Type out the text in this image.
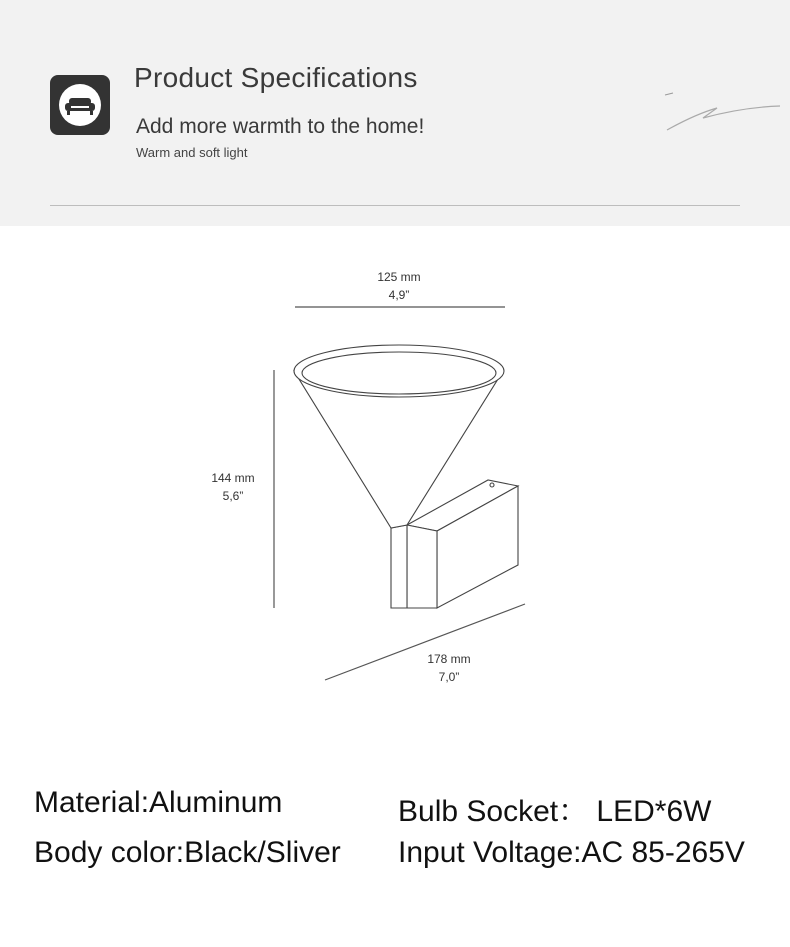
Product Specifications
Add more warmth to the home!
Warm and soft light
125 mm
4,9”
144 mm
5,6”
178 mm
7,0”
Material:Aluminum
Body color:Black/Sliver
Bulb Socket： LED*6W
Input Voltage:AC 85-265V
